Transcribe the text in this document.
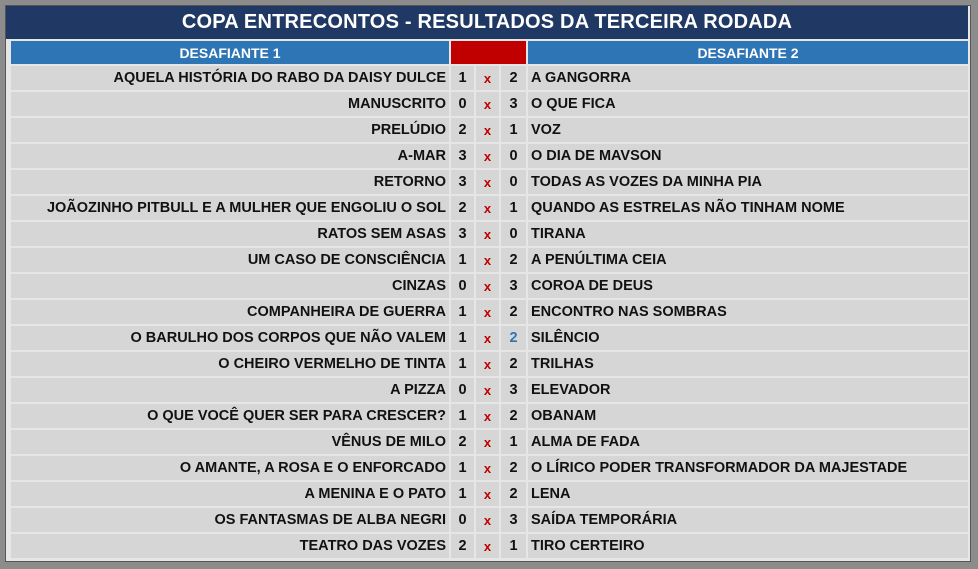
COPA ENTRECONTOS - RESULTADOS DA TERCEIRA RODADA
DESAFIANTE 1	DESAFIANTE 2
AQUELA HISTÓRIA DO RABO DA DAISY DULCE 1	x	2 A GANGORRA
MANUSCRITO 0	x	3 O QUE FICA
PRELÚDIO 2	x	1 VOZ
A-MAR 3	x	0 O DIA DE MAVSON
RETORNO 3	x	0 TODAS AS VOZES DA MINHA PIA
JOÃOZINHO PITBULL E A MULHER QUE ENGOLIU O SOL 2	x	1 QUANDO AS ESTRELAS NÃO TINHAM NOME
RATOS SEM ASAS 3	x	0 TIRANA
UM CASO DE CONSCIÊNCIA 1	x	2 A PENÚLTIMA CEIA
CINZAS 0	x	3 COROA DE DEUS
COMPANHEIRA DE GUERRA 1	x	2 ENCONTRO NAS SOMBRAS
O BARULHO DOS CORPOS QUE NÃO VALEM 1	x	2 SILÊNCIO
O CHEIRO VERMELHO DE TINTA 1	x	2 TRILHAS
A PIZZA 0	x	3 ELEVADOR
O QUE VOCÊ QUER SER PARA CRESCER? 1	x	2 OBANAM
VÊNUS DE MILO 2	x	1 ALMA DE FADA
O AMANTE, A ROSA E O ENFORCADO 1	x	2 O LÍRICO PODER TRANSFORMADOR DA MAJESTADE
A MENINA E O PATO 1	x	2 LENA
OS FANTASMAS DE ALBA NEGRI 0	x	3 SAÍDA TEMPORÁRIA
TEATRO DAS VOZES 2	x	1 TIRO CERTEIRO
